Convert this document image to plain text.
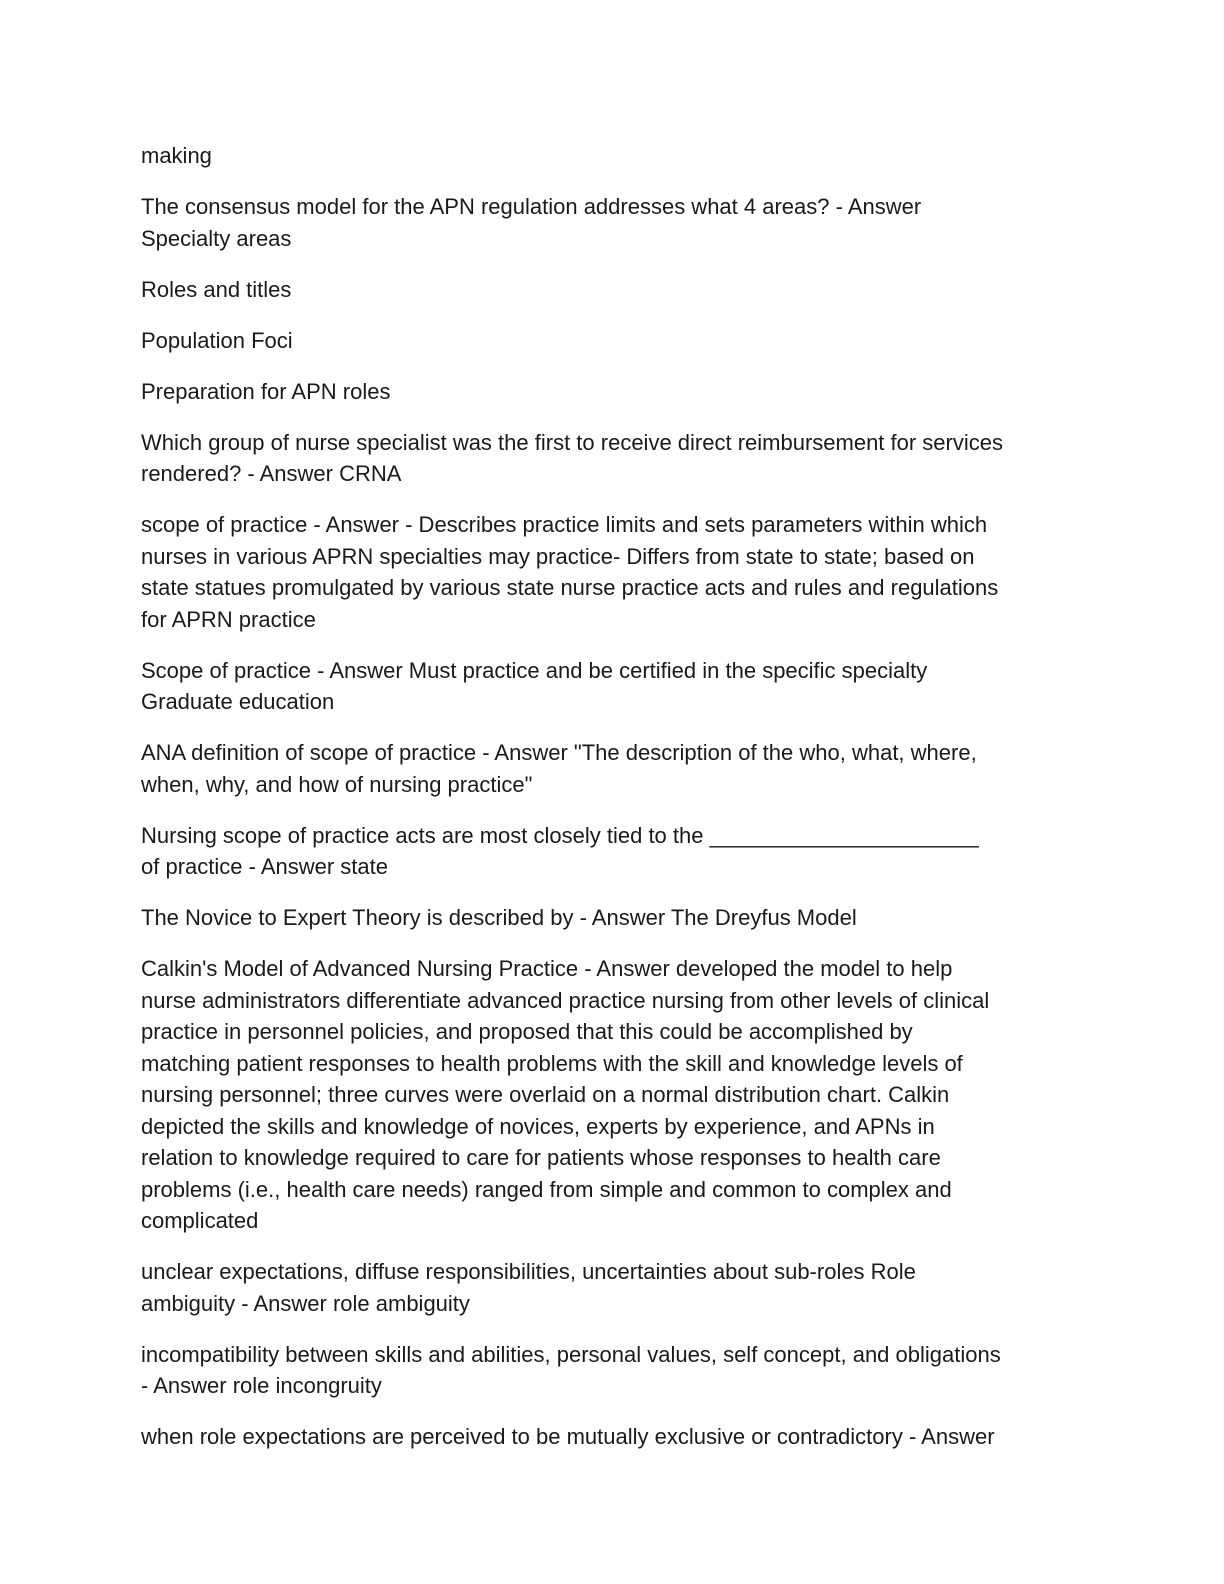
making

The consensus model for the APN regulation addresses what 4 areas? - Answer
Specialty areas

Roles and titles

Population Foci

Preparation for APN roles

Which group of nurse specialist was the first to receive direct reimbursement for services
rendered? - Answer CRNA

scope of practice - Answer - Describes practice limits and sets parameters within which
nurses in various APRN specialties may practice- Differs from state to state; based on
state statues promulgated by various state nurse practice acts and rules and regulations
for APRN practice

Scope of practice - Answer Must practice and be certified in the specific specialty
Graduate education

ANA definition of scope of practice - Answer "The description of the who, what, where,
when, why, and how of nursing practice"

Nursing scope of practice acts are most closely tied to the ______________________
of practice - Answer state

The Novice to Expert Theory is described by - Answer The Dreyfus Model

Calkin's Model of Advanced Nursing Practice - Answer developed the model to help
nurse administrators differentiate advanced practice nursing from other levels of clinical
practice in personnel policies, and proposed that this could be accomplished by
matching patient responses to health problems with the skill and knowledge levels of
nursing personnel; three curves were overlaid on a normal distribution chart. Calkin
depicted the skills and knowledge of novices, experts by experience, and APNs in
relation to knowledge required to care for patients whose responses to health care
problems (i.e., health care needs) ranged from simple and common to complex and
complicated

unclear expectations, diffuse responsibilities, uncertainties about sub-roles Role
ambiguity - Answer role ambiguity

incompatibility between skills and abilities, personal values, self concept, and obligations
- Answer role incongruity

when role expectations are perceived to be mutually exclusive or contradictory - Answer
